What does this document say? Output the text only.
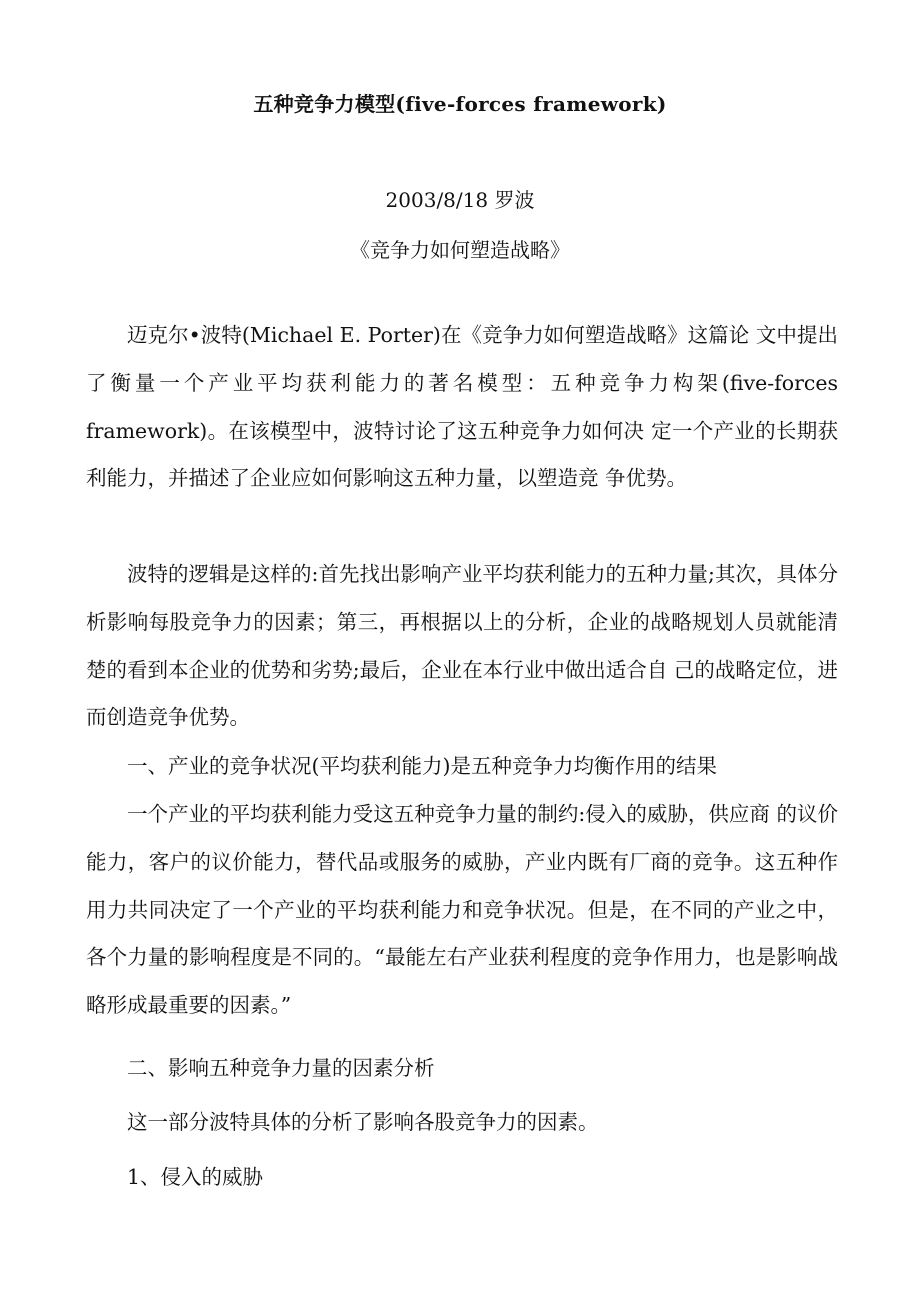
五种竞争力模型(five-forces framework)
2003/8/18 罗波
《竞争力如何塑造战略》

迈克尔•波特(Michael E. Porter)在《竞争力如何塑造战略》这篇论 文中提出了衡量一个产业平均获利能力的著名模型：五种竞争力构架(five-forces framework)。在该模型中，波特讨论了这五种竞争力如何决 定一个产业的长期获利能力，并描述了企业应如何影响这五种力量，以塑造竞 争优势。

波特的逻辑是这样的:首先找出影响产业平均获利能力的五种力量;其次，具体分析影响每股竞争力的因素；第三，再根据以上的分析，企业的战略规划人员就能清楚的看到本企业的优势和劣势;最后，企业在本行业中做出适合自 己的战略定位，进而创造竞争优势。

一、产业的竞争状况(平均获利能力)是五种竞争力均衡作用的结果

一个产业的平均获利能力受这五种竞争力量的制约:侵入的威胁，供应商 的议价能力，客户的议价能力，替代品或服务的威胁，产业内既有厂商的竞争。这五种作用力共同决定了一个产业的平均获利能力和竞争状况。但是，在不同的产业之中，各个力量的影响程度是不同的。“最能左右产业获利程度的竞争作用力，也是影响战略形成最重要的因素。”

二、影响五种竞争力量的因素分析

这一部分波特具体的分析了影响各股竞争力的因素。

1、侵入的威胁
